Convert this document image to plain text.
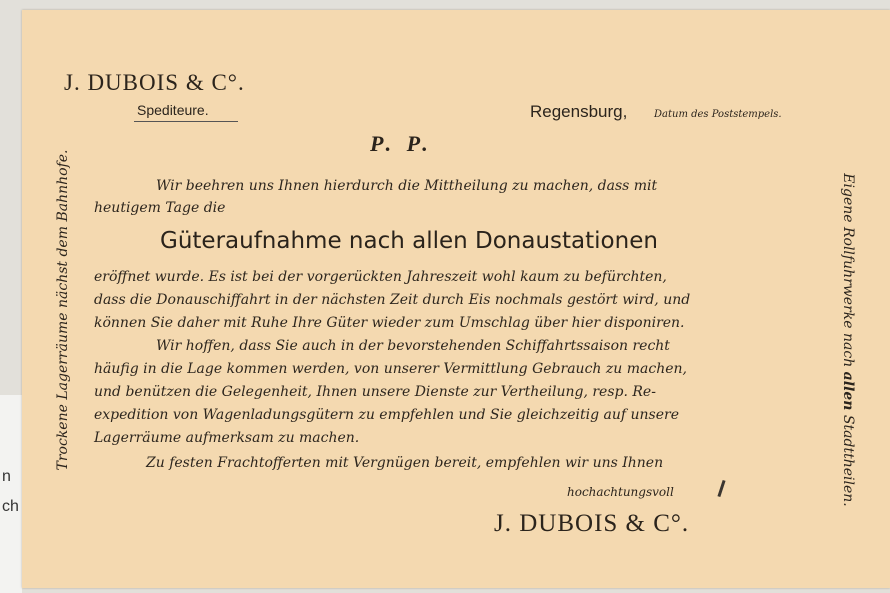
n
ch
J. DUBOIS & C°.
Spediteure.	Regensburg,	Datum des Poststempels.
P. P.
Wir beehren uns Ihnen hierdurch die Mittheilung zu machen, dass mit
heutigem Tage die
Güteraufnahme nach allen Donaustationen
eröffnet wurde. Es ist bei der vorgerückten Jahreszeit wohl kaum zu befürchten,
dass die Donauschiffahrt in der nächsten Zeit durch Eis nochmals gestört wird, und
können Sie daher mit Ruhe Ihre Güter wieder zum Umschlag über hier disponiren.
Wir hoffen, dass Sie auch in der bevorstehenden Schiffahrtssaison recht
häufig in die Lage kommen werden, von unserer Vermittlung Gebrauch zu machen,
und benützen die Gelegenheit, Ihnen unsere Dienste zur Vertheilung, resp. Re-
expedition von Wagenladungsgütern zu empfehlen und Sie gleichzeitig auf unsere
Lagerräume aufmerksam zu machen.
Zu festen Frachtofferten mit Vergnügen bereit, empfehlen wir uns Ihnen
hochachtungsvoll
J. DUBOIS & C°.
Trockene Lagerräume nächst dem Bahnhofe.	Eigene Rollfuhrwerke nach allen Stadttheilen.
